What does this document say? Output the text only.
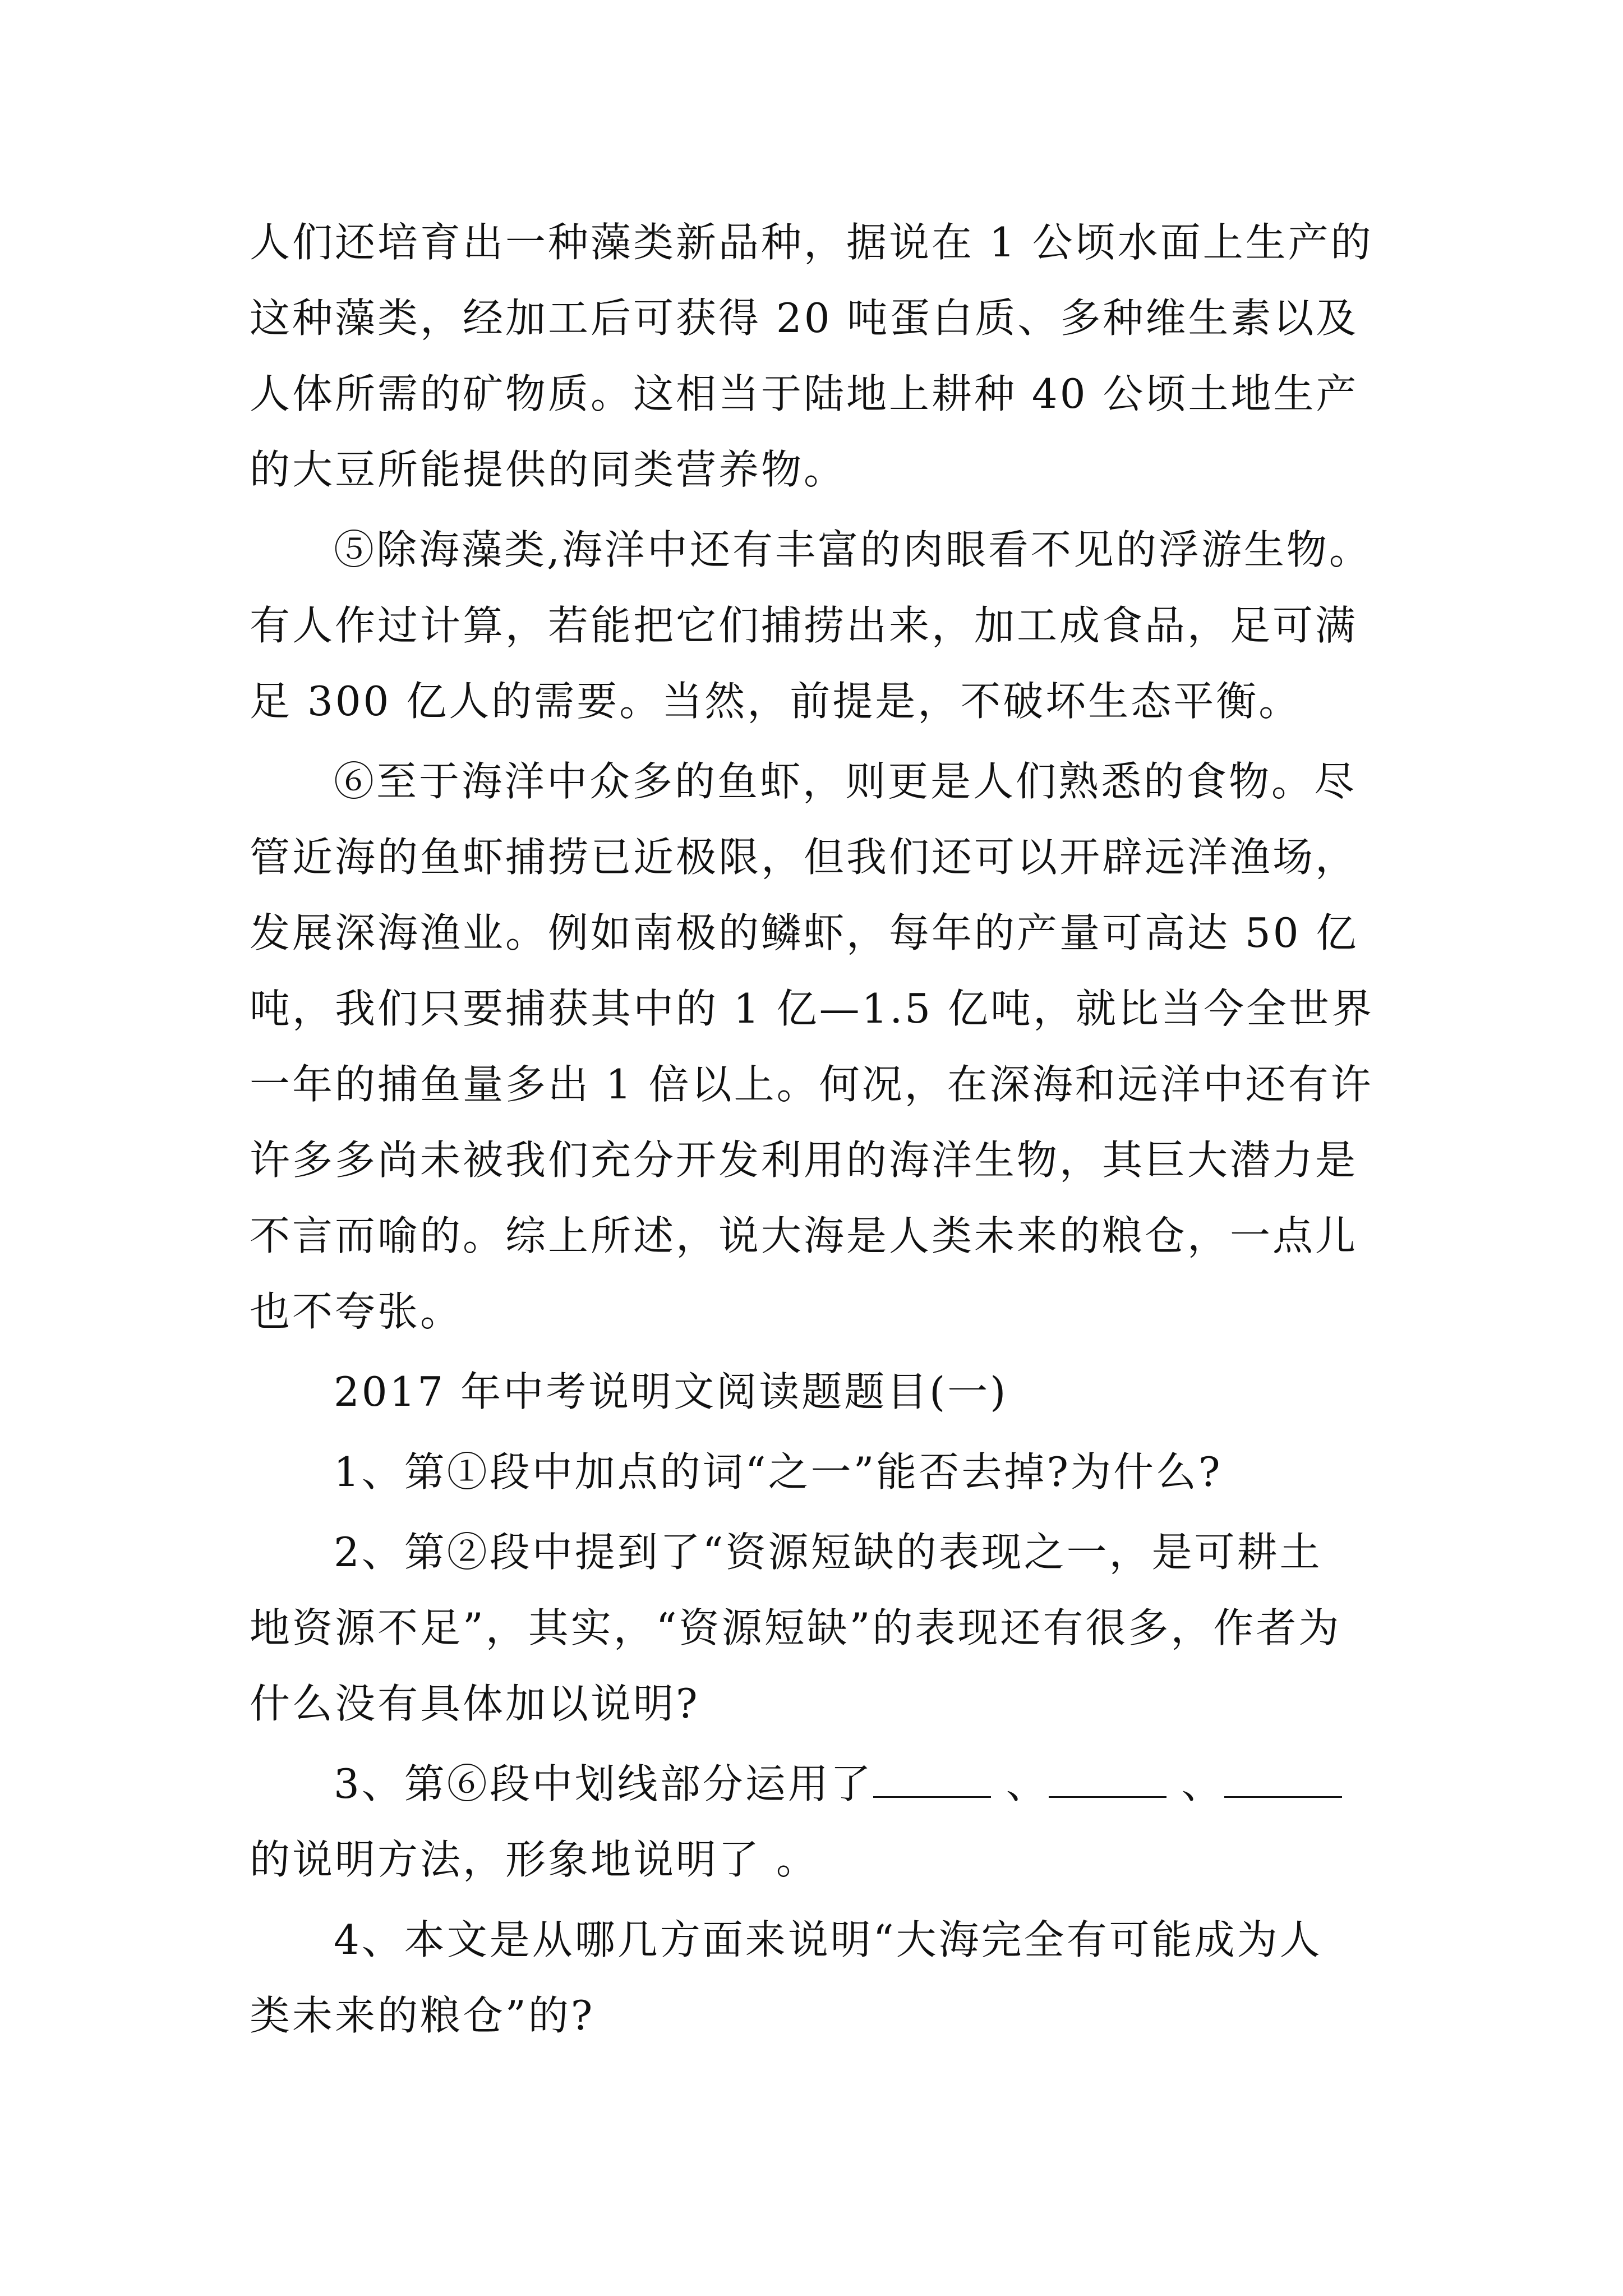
人们还培育出一种藻类新品种，据说在 1 公顷水面上生产的

这种藻类，经加工后可获得 20 吨蛋白质、多种维生素以及

人体所需的矿物质。这相当于陆地上耕种 40 公顷土地生产

的大豆所能提供的同类营养物。

⑤除海藻类,海洋中还有丰富的肉眼看不见的浮游生物。

有人作过计算，若能把它们捕捞出来，加工成食品，足可满

足 300 亿人的需要。当然，前提是，不破坏生态平衡。

⑥至于海洋中众多的鱼虾，则更是人们熟悉的食物。尽

管近海的鱼虾捕捞已近极限，但我们还可以开辟远洋渔场，

发展深海渔业。例如南极的鳞虾，每年的产量可高达 50 亿

吨，我们只要捕获其中的 1 亿—1.5 亿吨，就比当今全世界

一年的捕鱼量多出 1 倍以上。何况，在深海和远洋中还有许

许多多尚未被我们充分开发利用的海洋生物，其巨大潜力是

不言而喻的。综上所述，说大海是人类未来的粮仓，一点儿

也不夸张。

2017 年中考说明文阅读题题目(一)

1、第①段中加点的词“之一”能否去掉?为什么?

2、第②段中提到了“资源短缺的表现之一，是可耕土

地资源不足”，其实，“资源短缺”的表现还有很多，作者为

什么没有具体加以说明?

3、第⑥段中划线部分运用了	、	、

的说明方法，形象地说明了 。

4、本文是从哪几方面来说明“大海完全有可能成为人

类未来的粮仓”的?
